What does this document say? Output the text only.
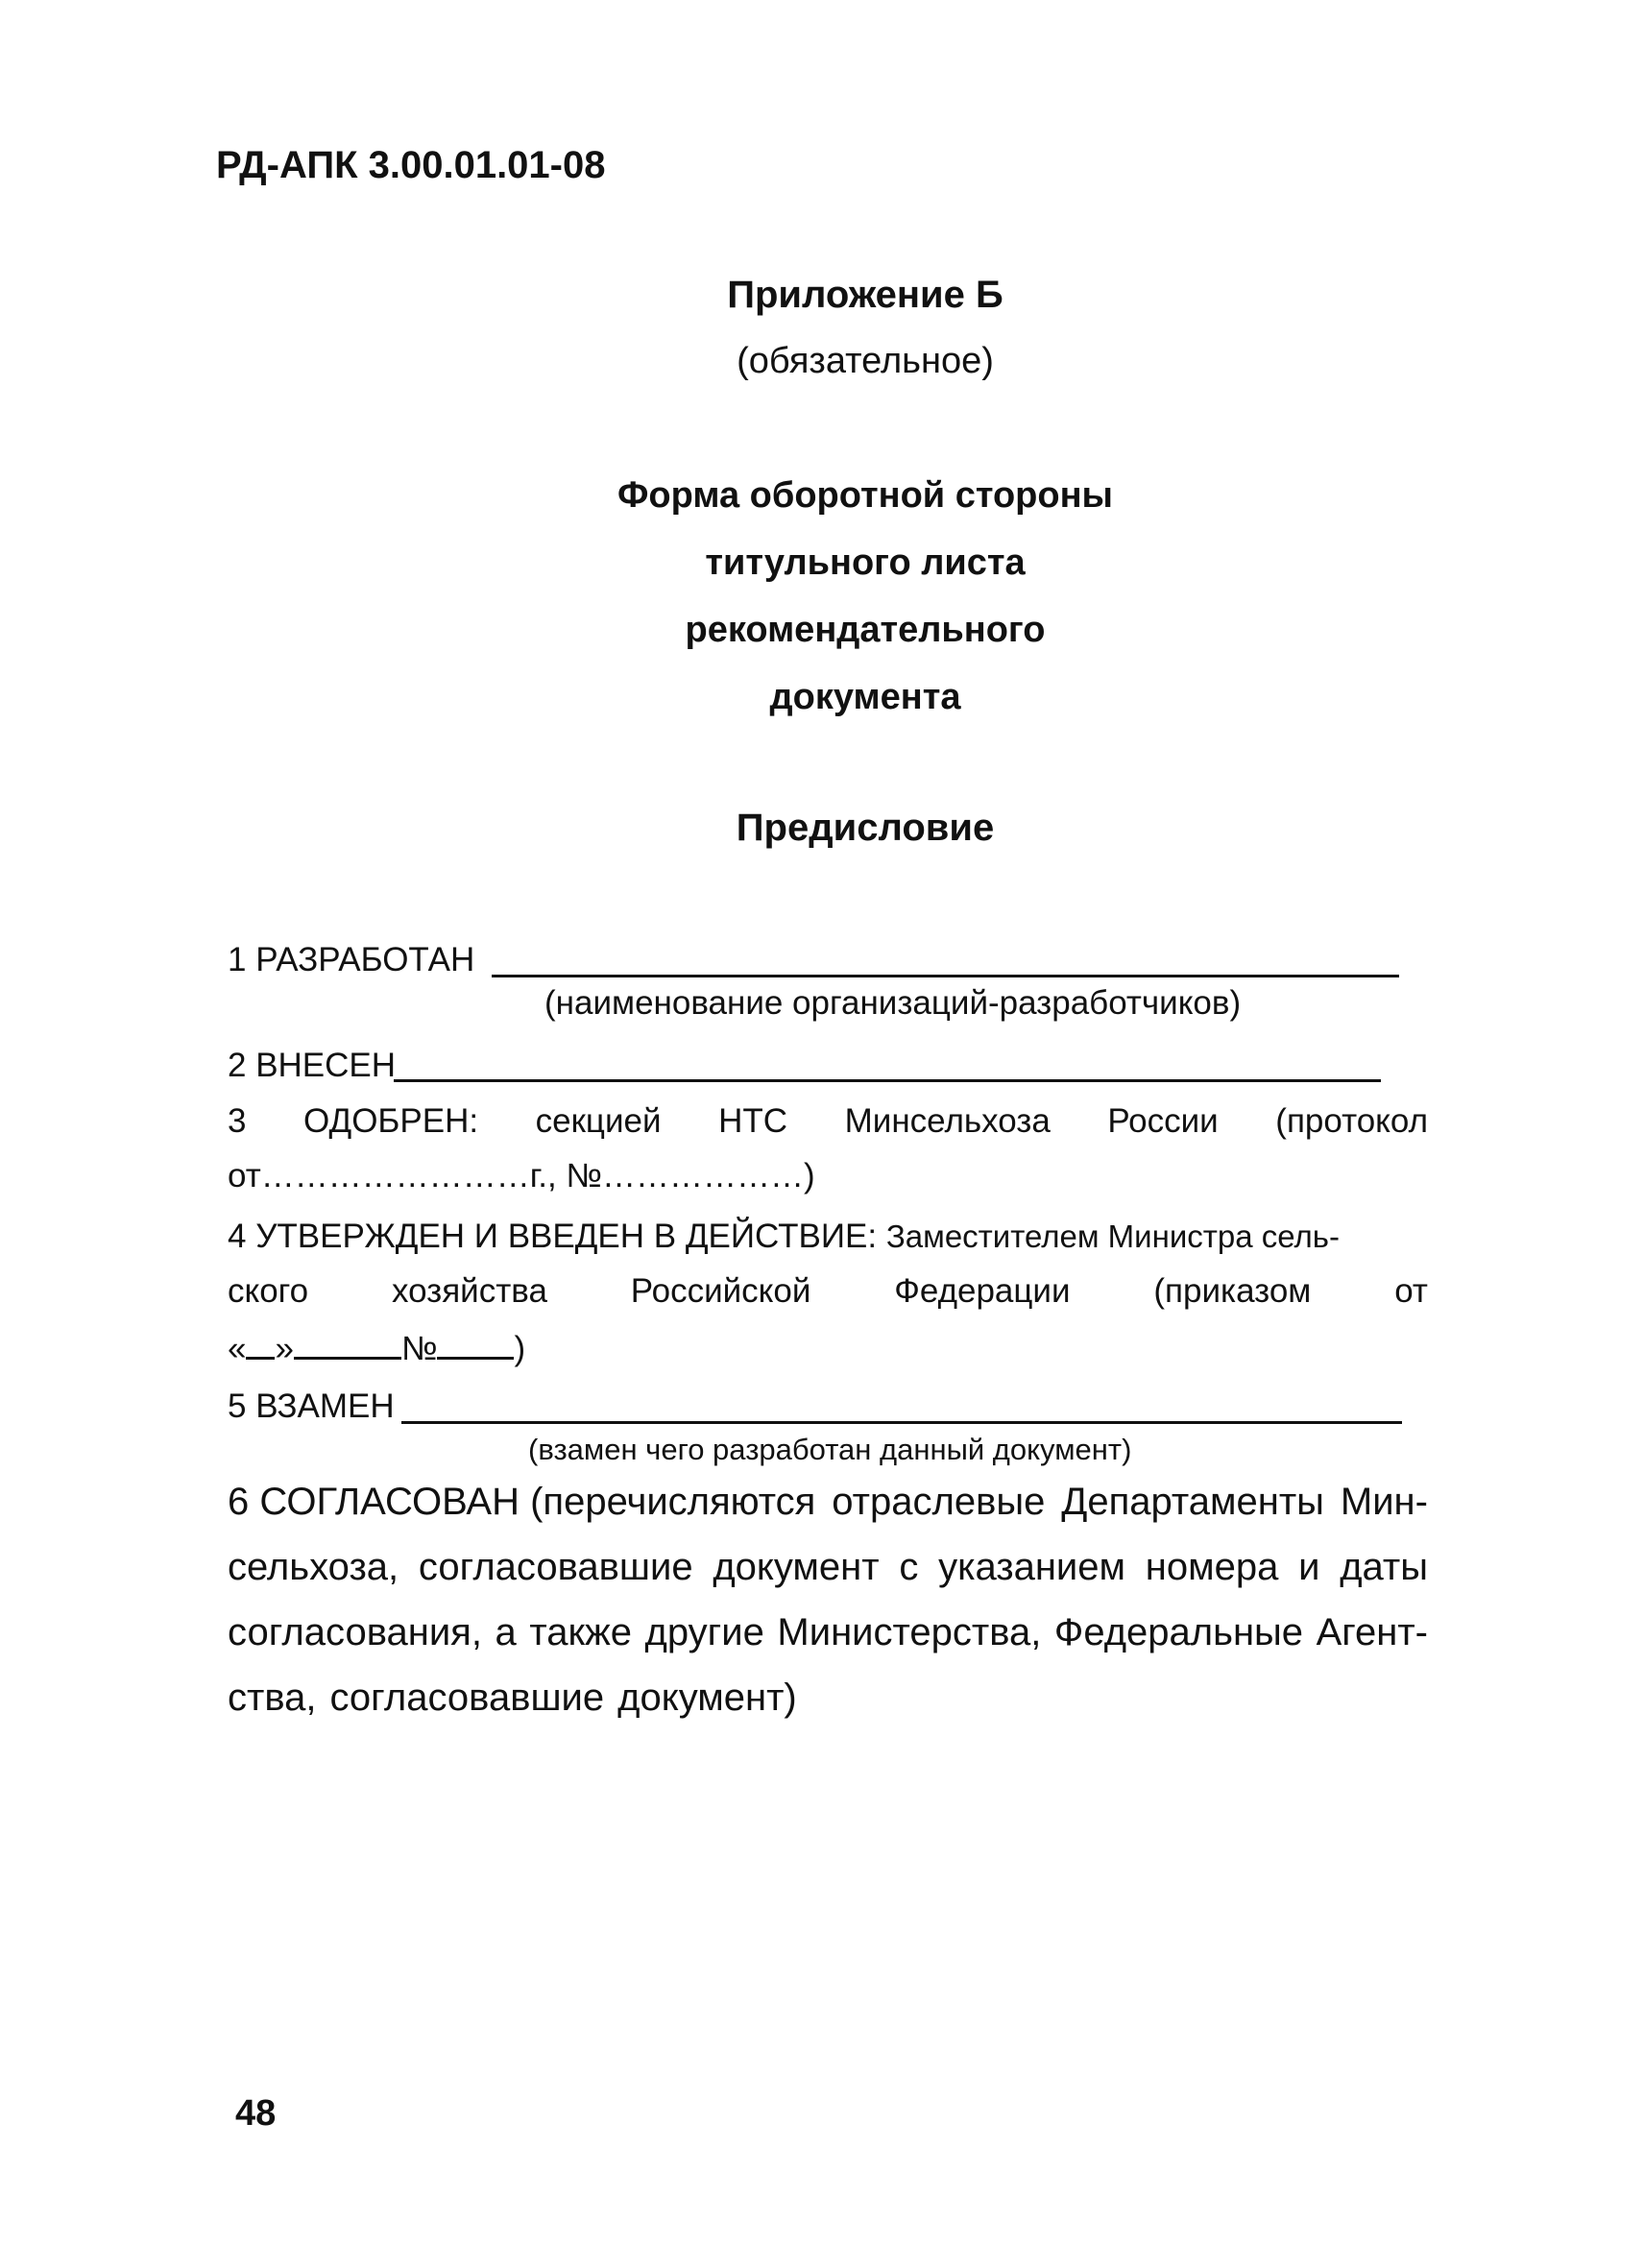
РД-АПК 3.00.01.01-08
Приложение Б
(обязательное)
Форма оборотной стороны
титульного листа
рекомендательного
документа
Предисловие
1 РАЗРАБОТАН
(наименование организаций-разработчиков)
2 ВНЕСЕН
3 ОДОБРЕН: секцией НТС Минсельхоза России (протокол
от……………………г., №………………)
4 УТВЕРЖДЕН И ВВЕДЕН В ДЕЙСТВИЕ: Заместителем Министра сель-
ского хозяйства Российской Федерации (приказом от
« »	№ )
5 ВЗАМЕН
(взамен чего разработан данный документ)
6 СОГЛАСОВАН (перечисляются отраслевые Департаменты Мин-
сельхоза, согласовавшие документ с указанием номера и даты
согласования, а также другие Министерства, Федеральные Агент-
ства, согласовавшие документ)
48
